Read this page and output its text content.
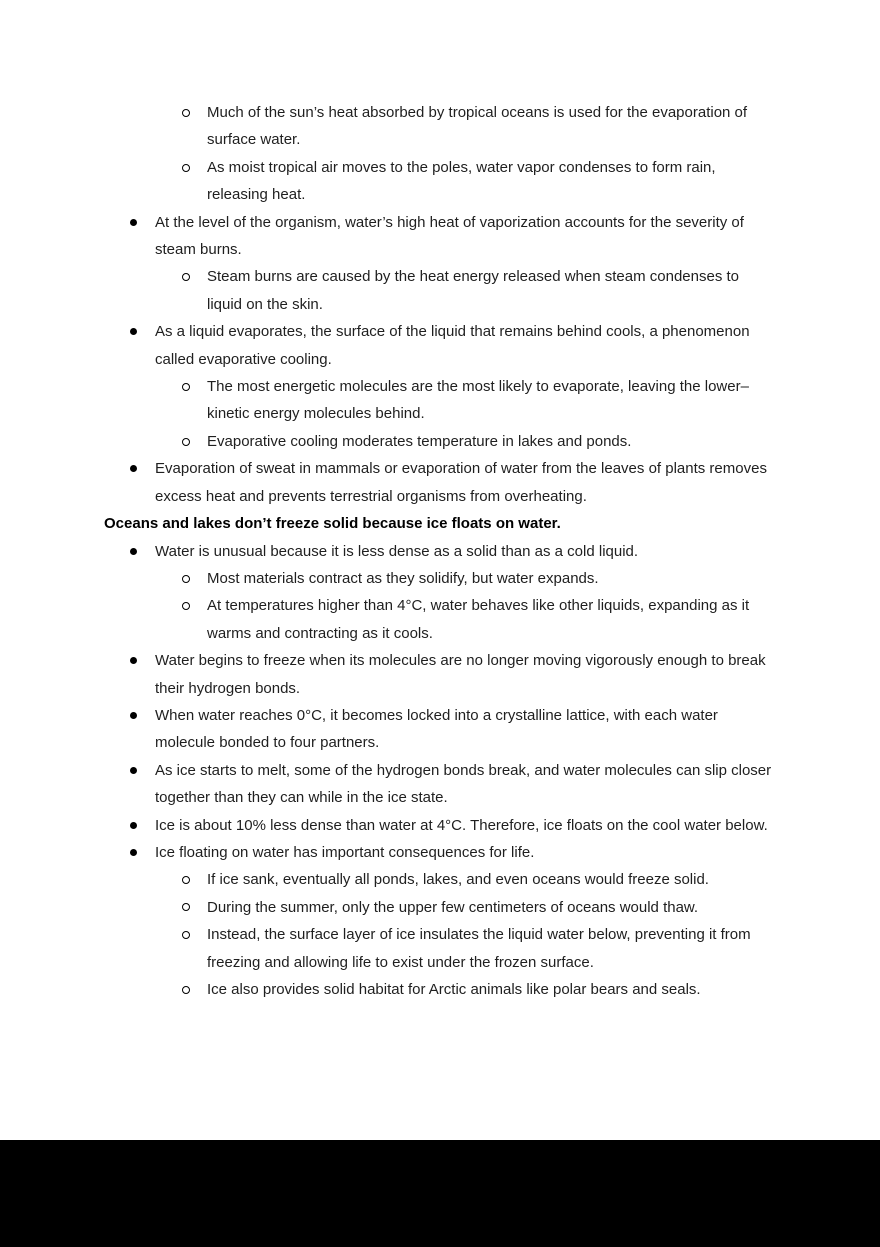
Much of the sun’s heat absorbed by tropical oceans is used for the evaporation of surface water.
As moist tropical air moves to the poles, water vapor condenses to form rain, releasing heat.
At the level of the organism, water’s high heat of vaporization accounts for the severity of steam burns.
Steam burns are caused by the heat energy released when steam condenses to liquid on the skin.
As a liquid evaporates, the surface of the liquid that remains behind cools, a phenomenon called evaporative cooling.
The most energetic molecules are the most likely to evaporate, leaving the lower–kinetic energy molecules behind.
Evaporative cooling moderates temperature in lakes and ponds.
Evaporation of sweat in mammals or evaporation of water from the leaves of plants removes excess heat and prevents terrestrial organisms from overheating.
Oceans and lakes don’t freeze solid because ice floats on water.
Water is unusual because it is less dense as a solid than as a cold liquid.
Most materials contract as they solidify, but water expands.
At temperatures higher than 4°C, water behaves like other liquids, expanding as it warms and contracting as it cools.
Water begins to freeze when its molecules are no longer moving vigorously enough to break their hydrogen bonds.
When water reaches 0°C, it becomes locked into a crystalline lattice, with each water molecule bonded to four partners.
As ice starts to melt, some of the hydrogen bonds break, and water molecules can slip closer together than they can while in the ice state.
Ice is about 10% less dense than water at 4°C. Therefore, ice floats on the cool water below.
Ice floating on water has important consequences for life.
If ice sank, eventually all ponds, lakes, and even oceans would freeze solid.
During the summer, only the upper few centimeters of oceans would thaw.
Instead, the surface layer of ice insulates the liquid water below, preventing it from freezing and allowing life to exist under the frozen surface.
Ice also provides solid habitat for Arctic animals like polar bears and seals.
